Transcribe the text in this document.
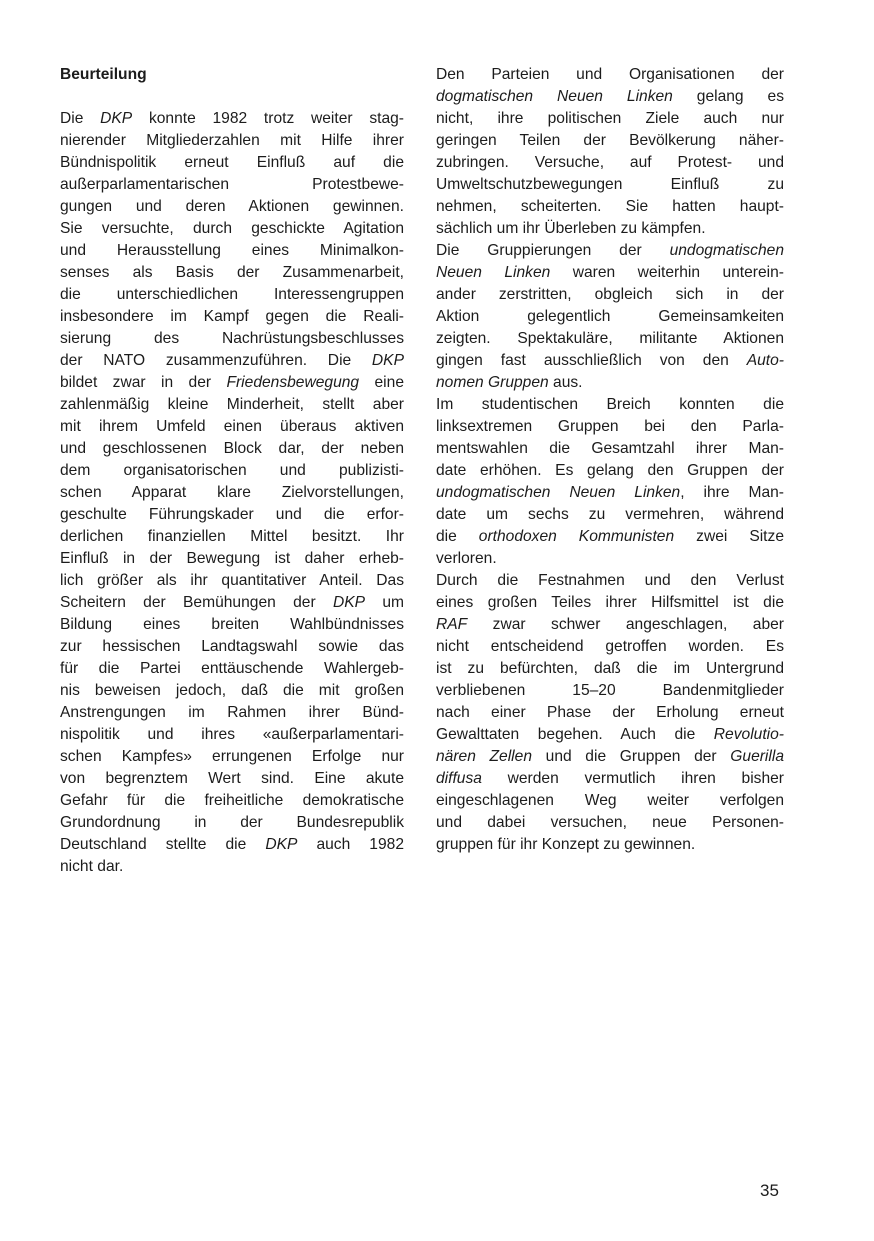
Beurteilung
Die DKP konnte 1982 trotz weiter stag-
nierender Mitgliederzahlen mit Hilfe ihrer
Bündnispolitik erneut Einfluß auf die
außerparlamentarischen Protestbewe-
gungen und deren Aktionen gewinnen.
Sie versuchte, durch geschickte Agitation
und Herausstellung eines Minimalkon-
senses als Basis der Zusammenarbeit,
die unterschiedlichen Interessengruppen
insbesondere im Kampf gegen die Reali-
sierung des Nachrüstungsbeschlusses
der NATO zusammenzuführen. Die DKP
bildet zwar in der Friedensbewegung eine
zahlenmäßig kleine Minderheit, stellt aber
mit ihrem Umfeld einen überaus aktiven
und geschlossenen Block dar, der neben
dem organisatorischen und publizisti-
schen Apparat klare Zielvorstellungen,
geschulte Führungskader und die erfor-
derlichen finanziellen Mittel besitzt. Ihr
Einfluß in der Bewegung ist daher erheb-
lich größer als ihr quantitativer Anteil. Das
Scheitern der Bemühungen der DKP um
Bildung eines breiten Wahlbündnisses
zur hessischen Landtagswahl sowie das
für die Partei enttäuschende Wahlergeb-
nis beweisen jedoch, daß die mit großen
Anstrengungen im Rahmen ihrer Bünd-
nispolitik und ihres «außerparlamentari-
schen Kampfes» errungenen Erfolge nur
von begrenztem Wert sind. Eine akute
Gefahr für die freiheitliche demokratische
Grundordnung in der Bundesrepublik
Deutschland stellte die DKP auch 1982
nicht dar.
Den Parteien und Organisationen der
dogmatischen Neuen Linken gelang es
nicht, ihre politischen Ziele auch nur
geringen Teilen der Bevölkerung näher-
zubringen. Versuche, auf Protest- und
Umweltschutzbewegungen Einfluß zu
nehmen, scheiterten. Sie hatten haupt-
sächlich um ihr Überleben zu kämpfen.
Die Gruppierungen der undogmatischen
Neuen Linken waren weiterhin unterein-
ander zerstritten, obgleich sich in der
Aktion gelegentlich Gemeinsamkeiten
zeigten. Spektakuläre, militante Aktionen
gingen fast ausschließlich von den Auto-
nomen Gruppen aus.
Im studentischen Breich konnten die
linksextremen Gruppen bei den Parla-
mentswahlen die Gesamtzahl ihrer Man-
date erhöhen. Es gelang den Gruppen der
undogmatischen Neuen Linken, ihre Man-
date um sechs zu vermehren, während
die orthodoxen Kommunisten zwei Sitze
verloren.
Durch die Festnahmen und den Verlust
eines großen Teiles ihrer Hilfsmittel ist die
RAF zwar schwer angeschlagen, aber
nicht entscheidend getroffen worden. Es
ist zu befürchten, daß die im Untergrund
verbliebenen 15–20 Bandenmitglieder
nach einer Phase der Erholung erneut
Gewalttaten begehen. Auch die Revolutio-
nären Zellen und die Gruppen der Guerilla
diffusa werden vermutlich ihren bisher
eingeschlagenen Weg weiter verfolgen
und dabei versuchen, neue Personen-
gruppen für ihr Konzept zu gewinnen.
35
